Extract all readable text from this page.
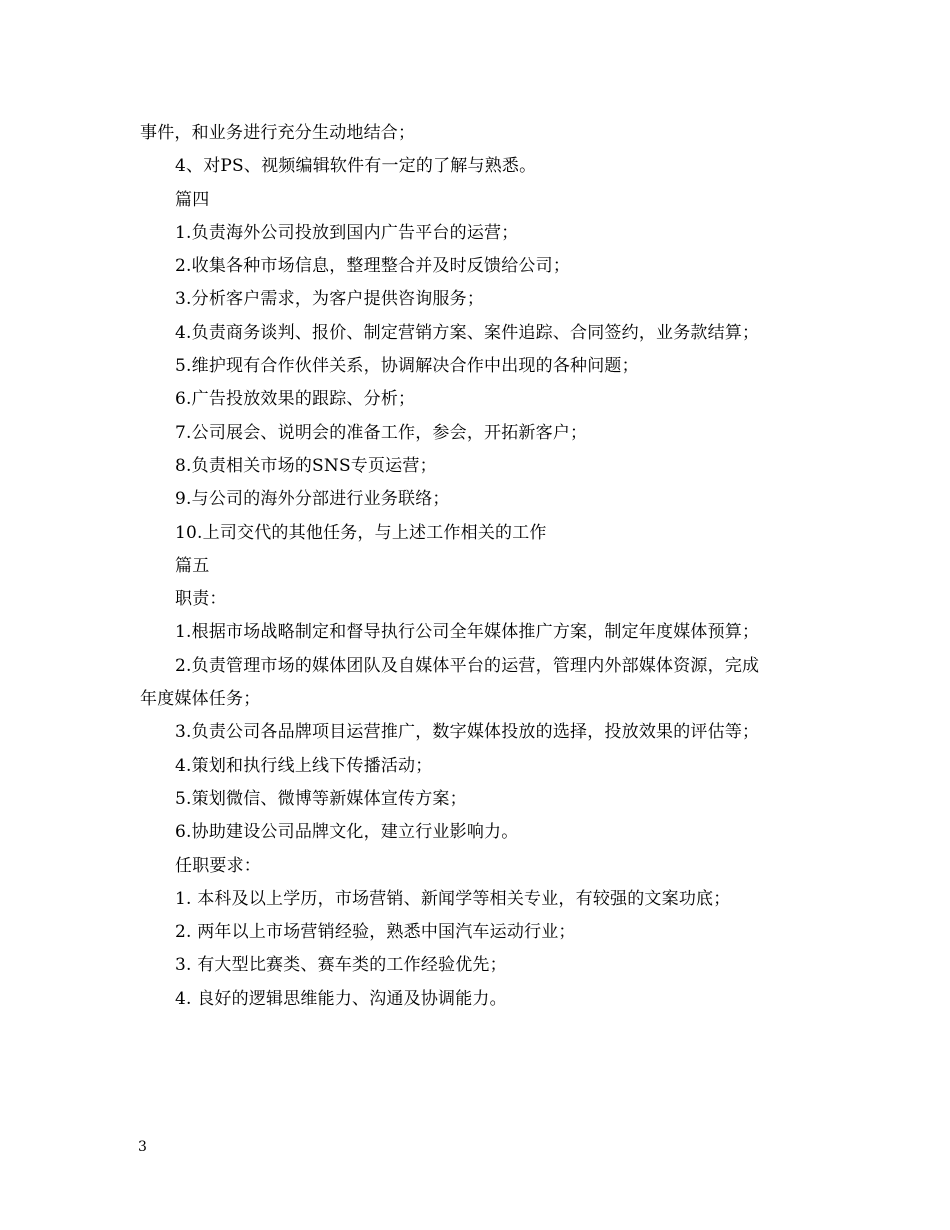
事件，和业务进行充分生动地结合；
4、对PS、视频编辑软件有一定的了解与熟悉。
篇四
1.负责海外公司投放到国内广告平台的运营；
2.收集各种市场信息，整理整合并及时反馈给公司；
3.分析客户需求，为客户提供咨询服务；
4.负责商务谈判、报价、制定营销方案、案件追踪、合同签约，业务款结算；
5.维护现有合作伙伴关系，协调解决合作中出现的各种问题；
6.广告投放效果的跟踪、分析；
7.公司展会、说明会的准备工作，参会，开拓新客户；
8.负责相关市场的SNS专页运营；
9.与公司的海外分部进行业务联络；
10.上司交代的其他任务，与上述工作相关的工作
篇五
职责：
1.根据市场战略制定和督导执行公司全年媒体推广方案，制定年度媒体预算；
2.负责管理市场的媒体团队及自媒体平台的运营，管理内外部媒体资源，完成
年度媒体任务；
3.负责公司各品牌项目运营推广，数字媒体投放的选择，投放效果的评估等；
4.策划和执行线上线下传播活动；
5.策划微信、微博等新媒体宣传方案；
6.协助建设公司品牌文化，建立行业影响力。
任职要求：
1. 本科及以上学历，市场营销、新闻学等相关专业，有较强的文案功底；
2. 两年以上市场营销经验，熟悉中国汽车运动行业；
3. 有大型比赛类、赛车类的工作经验优先；
4. 良好的逻辑思维能力、沟通及协调能力。
3
